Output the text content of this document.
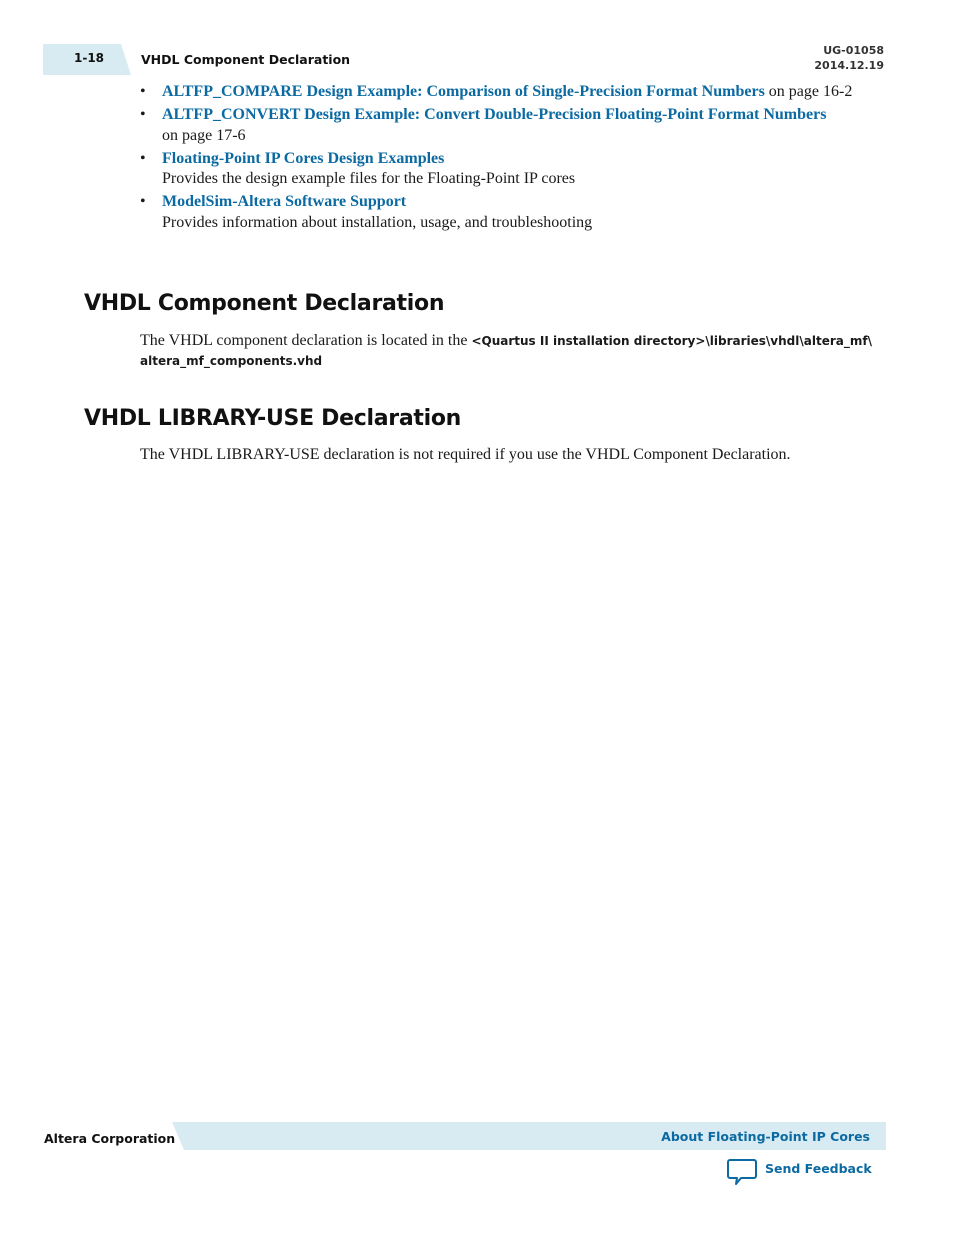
1-18	VHDL Component Declaration
UG-01058
2014.12.19
• ALTFP_COMPARE Design Example: Comparison of Single-Precision Format Numbers on page 16-2
• ALTFP_CONVERT Design Example: Convert Double-Precision Floating-Point Format Numbers
on page 17-6
• Floating-Point IP Cores Design Examples
Provides the design example files for the Floating-Point IP cores
• ModelSim-Altera Software Support
Provides information about installation, usage, and troubleshooting
VHDL Component Declaration
The VHDL component declaration is located in the <Quartus II installation directory>\libraries\vhdl\altera_mf\
altera_mf_components.vhd
VHDL LIBRARY-USE Declaration
The VHDL LIBRARY-USE declaration is not required if you use the VHDL Component Declaration.
Altera Corporation	About Floating-Point IP Cores
Send Feedback
